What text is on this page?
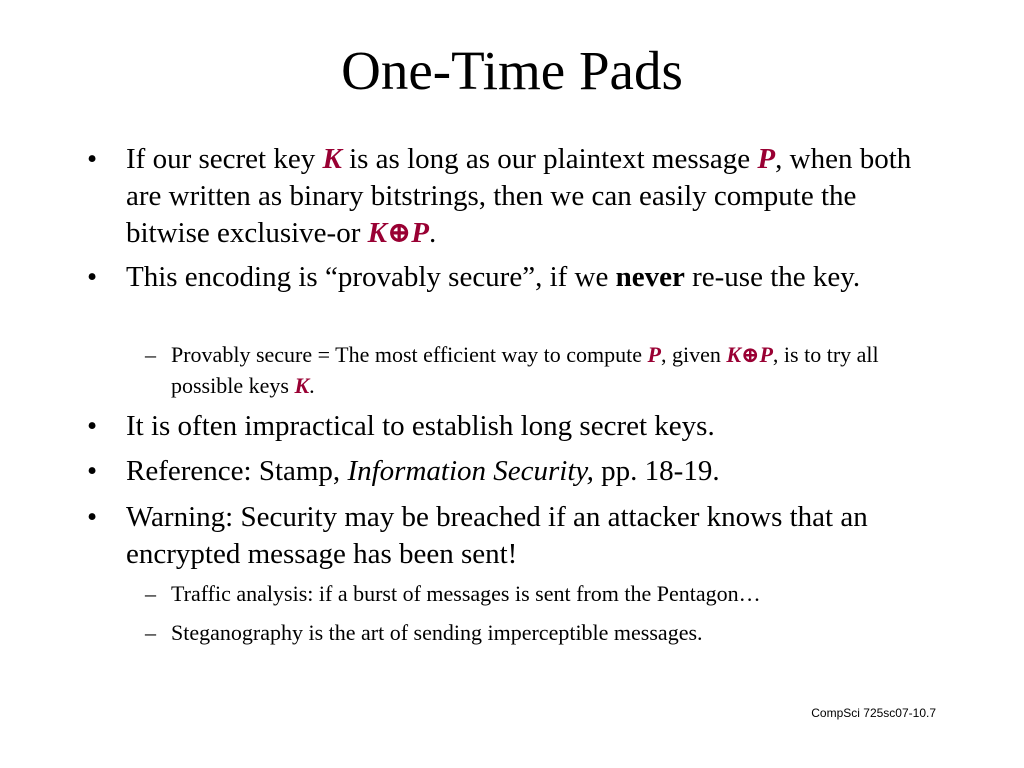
One-Time Pads
• If our secret key K is as long as our plaintext message P, when both are written as binary bitstrings, then we can easily compute the bitwise exclusive-or K⊕P.
• This encoding is “provably secure”, if we never re-use the key.
– Provably secure = The most efficient way to compute P, given K⊕P, is to try all possible keys K.
• It is often impractical to establish long secret keys.
• Reference: Stamp, Information Security, pp. 18-19.
• Warning: Security may be breached if an attacker knows that an encrypted message has been sent!
– Traffic analysis: if a burst of messages is sent from the Pentagon…
– Steganography is the art of sending imperceptible messages.
CompSci 725sc07-10.7
